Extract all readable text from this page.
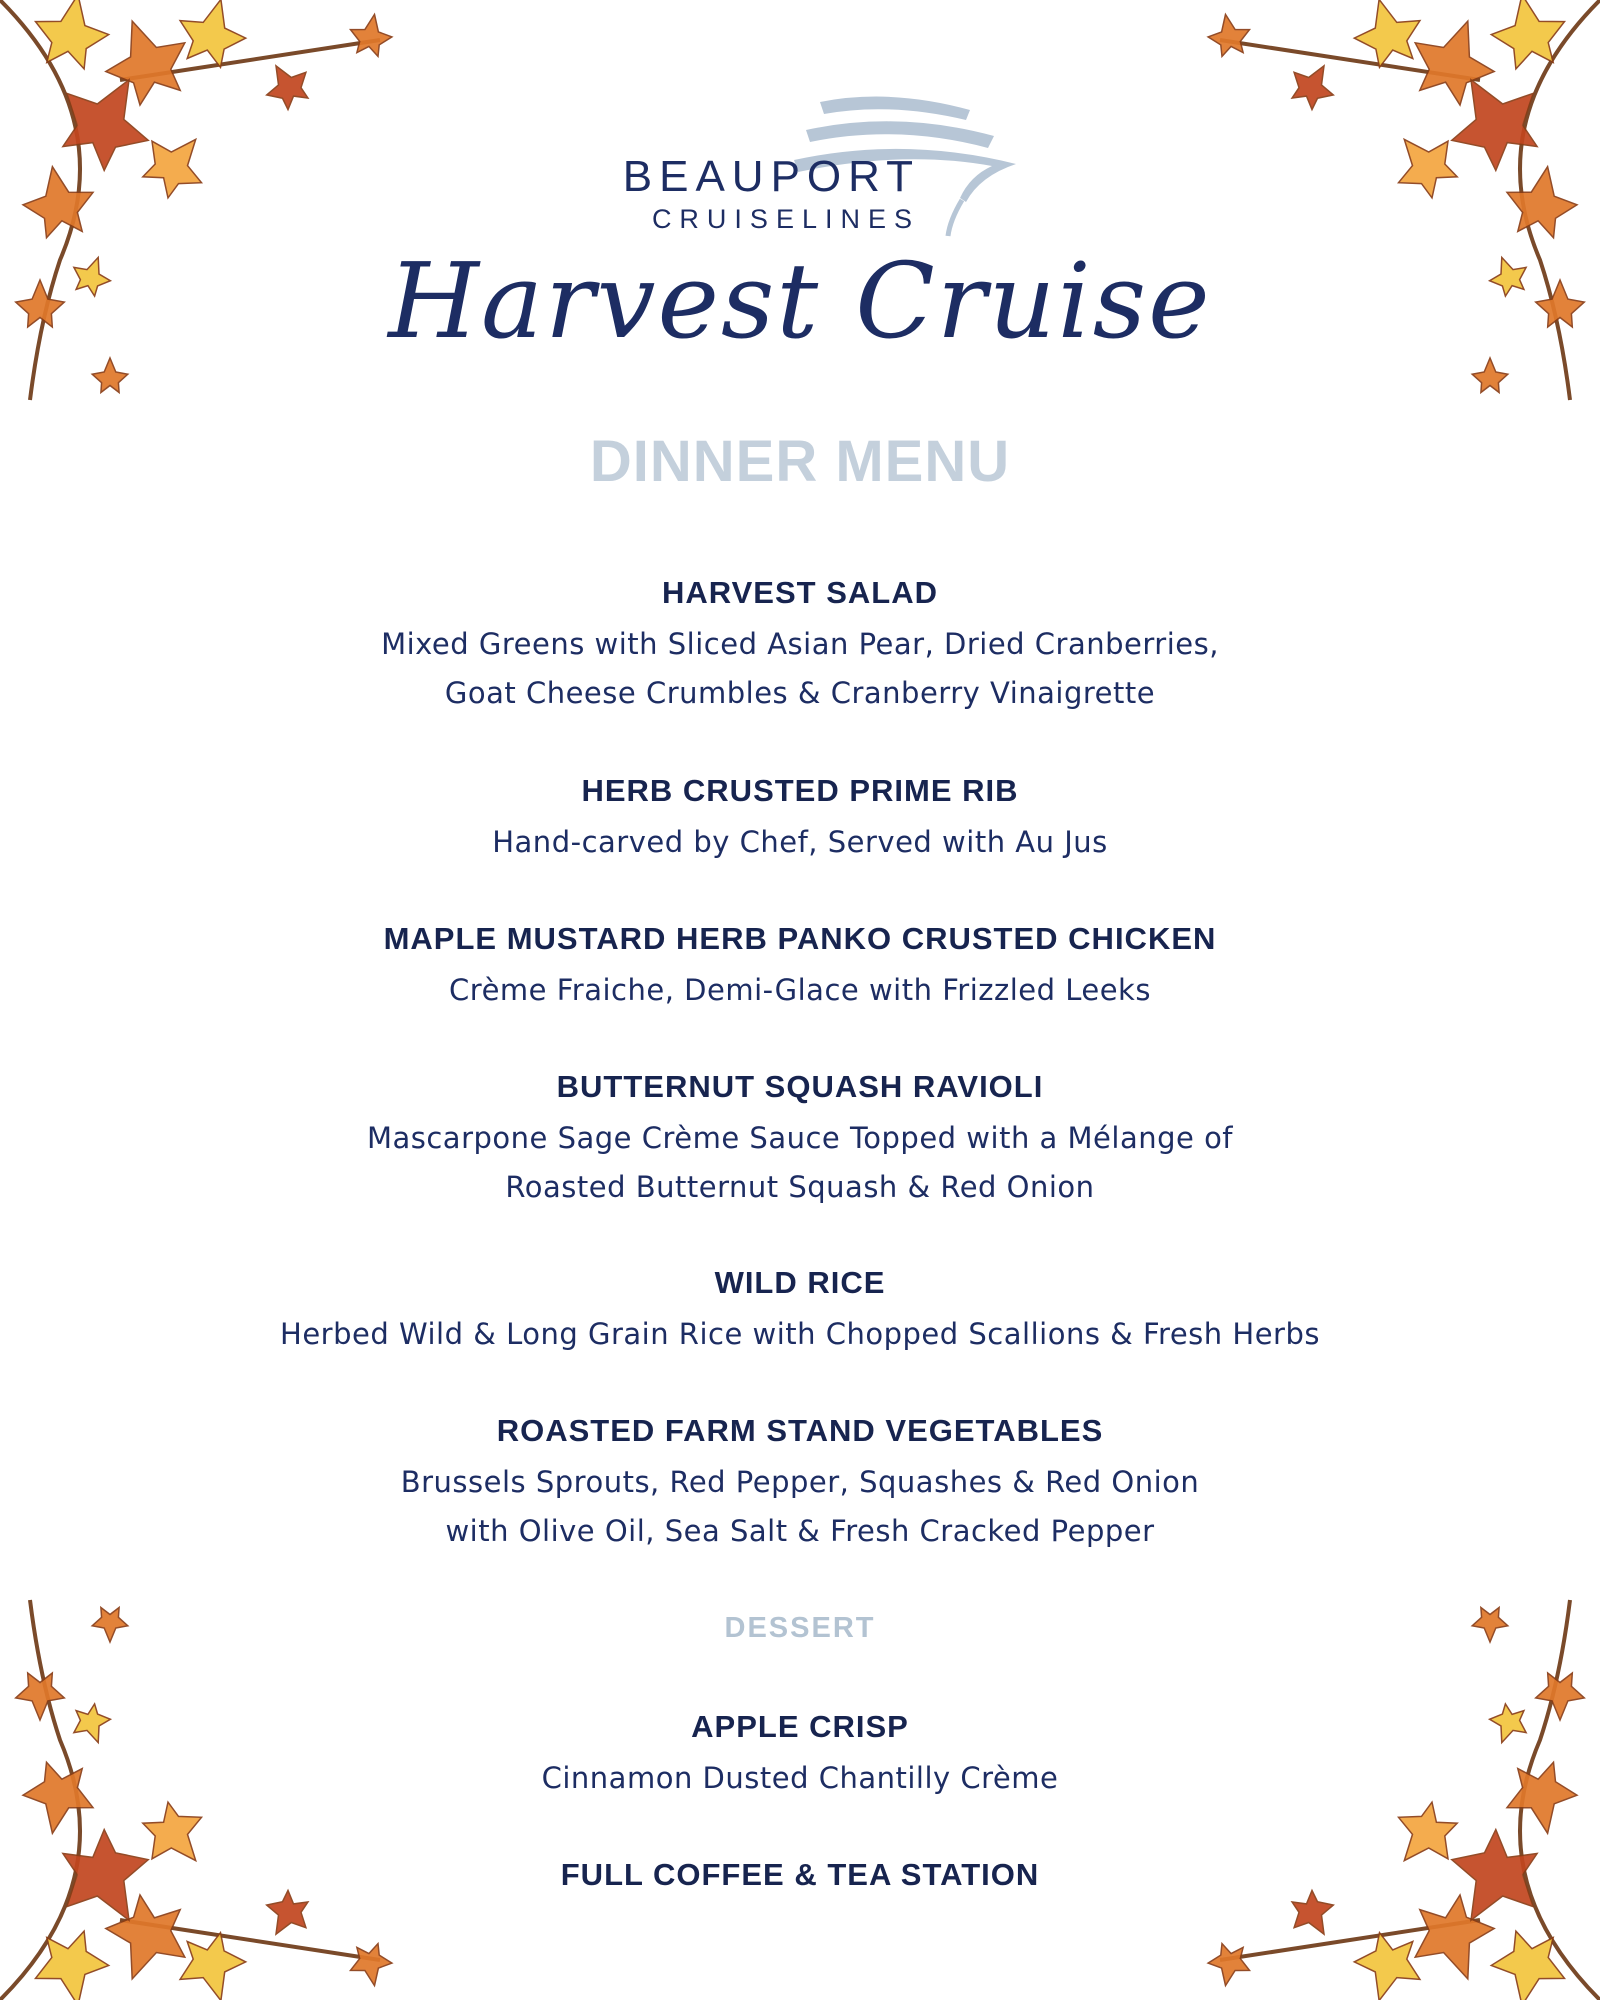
BEAUPORT
CRUISELINES
Harvest Cruise
DINNER MENU
HARVEST SALAD
Mixed Greens with Sliced Asian Pear, Dried Cranberries,
Goat Cheese Crumbles & Cranberry Vinaigrette
HERB CRUSTED PRIME RIB
Hand-carved by Chef, Served with Au Jus
MAPLE MUSTARD HERB PANKO CRUSTED CHICKEN
Crème Fraiche, Demi-Glace with Frizzled Leeks
BUTTERNUT SQUASH RAVIOLI
Mascarpone Sage Crème Sauce Topped with a Mélange of
Roasted Butternut Squash & Red Onion
WILD RICE
Herbed Wild & Long Grain Rice with Chopped Scallions & Fresh Herbs
ROASTED FARM STAND VEGETABLES
Brussels Sprouts, Red Pepper, Squashes & Red Onion
with Olive Oil, Sea Salt & Fresh Cracked Pepper
DESSERT
APPLE CRISP
Cinnamon Dusted Chantilly Crème
FULL COFFEE & TEA STATION
